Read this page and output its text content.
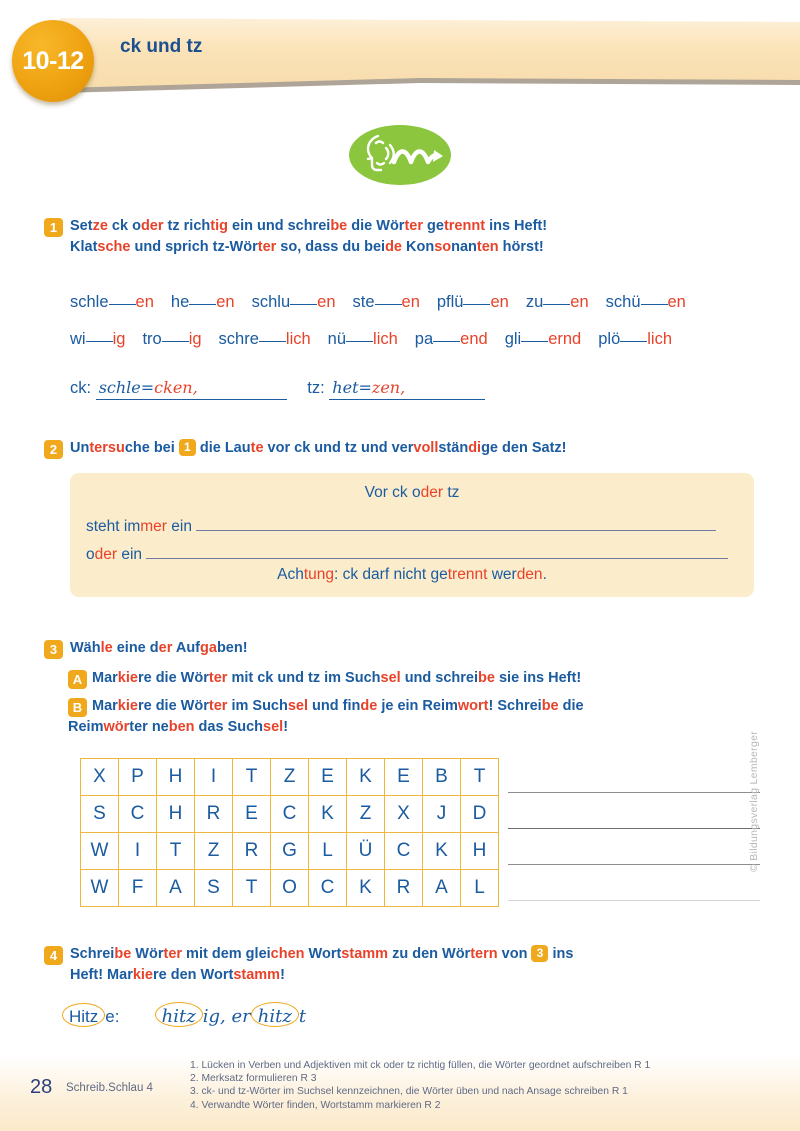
10-12	ck und tz
1 Setze ck oder tz richtig ein und schreibe die Wörter getrennt ins Heft!
Klatsche und sprich tz-Wörter so, dass du beide Konsonanten hörst!
schle en he en schlu en ste en pflü en zu en schü en
wi ig tro ig schre lich nü lich pa end gli ernd plö lich
ck: schle=cken,	tz: het=zen,
2 Untersuche bei 1 die Laute vor ck und tz und vervollständige den Satz!
Vor ck oder tz
steht immer ein
oder ein
Achtung: ck darf nicht getrennt werden.
3 Wähle eine der Aufgaben!
A Markiere die Wörter mit ck und tz im Suchsel und schreibe sie ins Heft!
B Markiere die Wörter im Suchsel und finde je ein Reimwort! Schreibe die
Reimwörter neben das Suchsel!
X	P	H	I	T	Z	E	K	E	B	T
S	C	H	R	E	C	K	Z	X	J	D
W	I	T	Z	R	G	L	Ü	C	K	H
W	F	A	S	T	O	C	K	R	A	L
4 Schreibe Wörter mit dem gleichen Wortstamm zu den Wörtern von 3 ins
Heft! Markiere den Wortstamm!
Hitz e: hitz ig, er hitz t
© Bildungsverlag Lemberger
28 Schreib.Schlau 4
1. Lücken in Verben und Adjektiven mit ck oder tz richtig füllen, die Wörter geordnet aufschreiben R 1
2. Merksatz formulieren R 3
3. ck- und tz-Wörter im Suchsel kennzeichnen, die Wörter üben und nach Ansage schreiben R 1
4. Verwandte Wörter finden, Wortstamm markieren R 2
